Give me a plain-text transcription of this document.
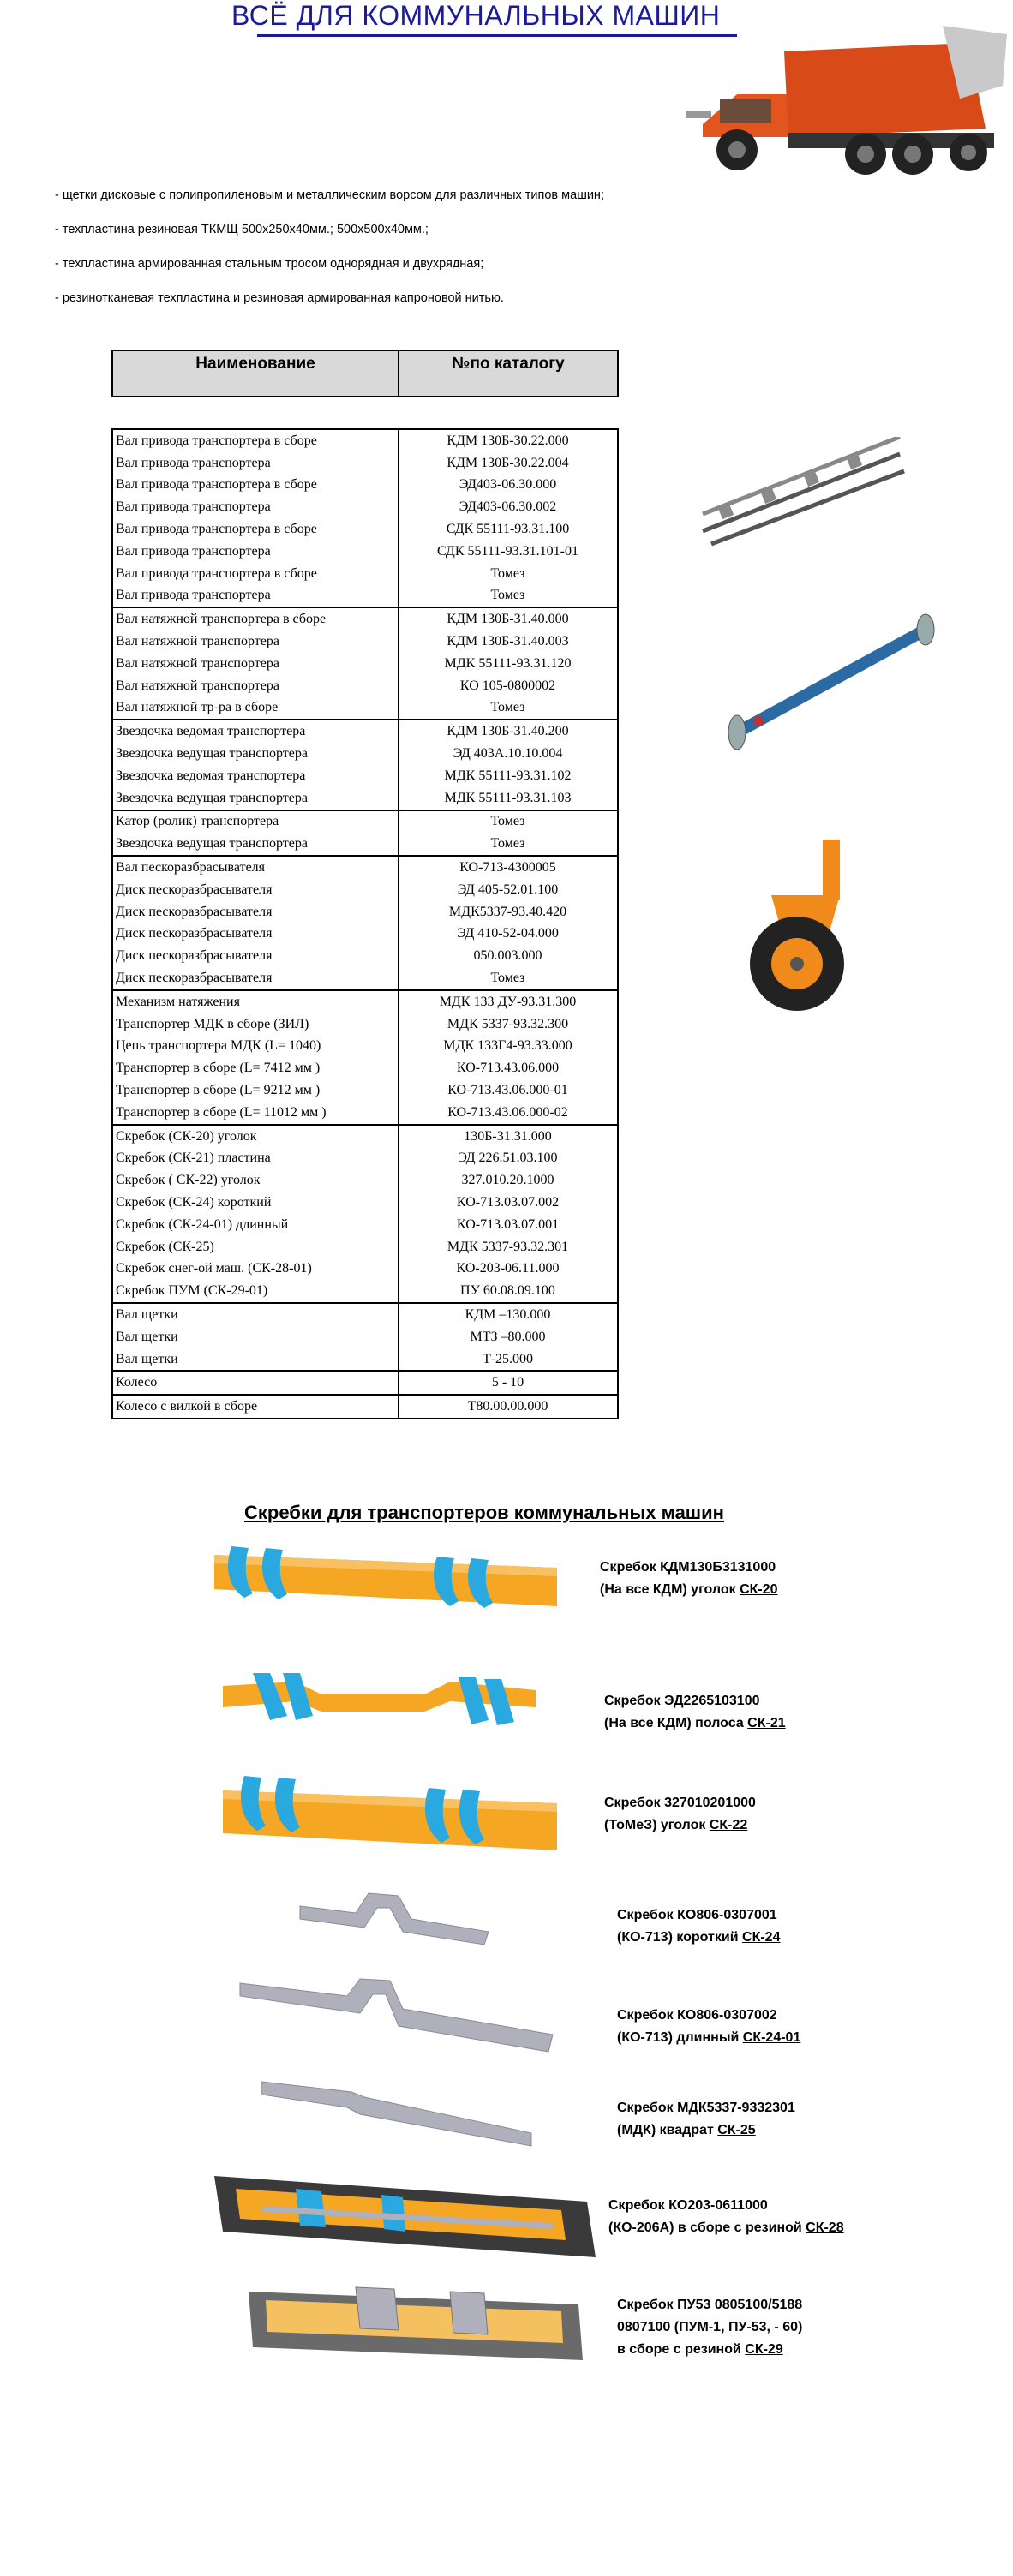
ВСЁ ДЛЯ КОММУНАЛЬНЫХ МАШИН
- щетки дисковые с полипропиленовым и металлическим ворсом для различных типов машин;
- техпластина резиновая ТКМЩ 500х250х40мм.; 500х500х40мм.;
- техпластина армированная стальным тросом однорядная и двухрядная;
- резинотканевая техпластина и резиновая армированная капроновой нитью.
Наименование	№по каталогу
Вал привода транспортера в сборе	КДМ 130Б-30.22.000
Вал привода транспортера	КДМ 130Б-30.22.004
Вал привода транспортера в сборе	ЭД403-06.30.000
Вал привода транспортера	ЭД403-06.30.002
Вал привода транспортера в сборе	СДК 55111-93.31.100
Вал привода транспортера	СДК 55111-93.31.101-01
Вал привода транспортера в сборе	Томез
Вал привода транспортера	Томез
Вал натяжной транспортера в сборе	КДМ 130Б-31.40.000
Вал натяжной транспортера	КДМ 130Б-31.40.003
Вал натяжной транспортера	МДК 55111-93.31.120
Вал натяжной транспортера	КО 105-0800002
Вал натяжной тр-ра в сборе	Томез
Звездочка ведомая транспортера	КДМ 130Б-31.40.200
Звездочка ведущая транспортера	ЭД 403А.10.10.004
Звездочка ведомая транспортера	МДК 55111-93.31.102
Звездочка ведущая транспортера	МДК 55111-93.31.103
Катор (ролик) транспортера	Томез
Звездочка ведущая транспортера	Томез
Вал пескоразбрасывателя	КО-713-4300005
Диск пескоразбрасывателя	ЭД 405-52.01.100
Диск пескоразбрасывателя	МДК5337-93.40.420
Диск пескоразбрасывателя	ЭД 410-52-04.000
Диск пескоразбрасывателя	050.003.000
Диск пескоразбрасывателя	Томез
Механизм натяжения	МДК 133 ДУ-93.31.300
Транспортер МДК в сборе (ЗИЛ)	МДК 5337-93.32.300
Цепь транспортера МДК (L= 1040)	МДК 133Г4-93.33.000
Транспортер в сборе (L= 7412 мм )	КО-713.43.06.000
Транспортер в сборе (L= 9212 мм )	КО-713.43.06.000-01
Транспортер в сборе (L= 11012 мм )	КО-713.43.06.000-02
Скребок (СК-20) уголок	130Б-31.31.000
Скребок (СК-21) пластина	ЭД 226.51.03.100
Скребок ( СК-22) уголок	327.010.20.1000
Скребок (СК-24) короткий	КО-713.03.07.002
Скребок (СК-24-01) длинный	КО-713.03.07.001
Скребок (СК-25)	МДК 5337-93.32.301
Скребок снег-ой маш. (СК-28-01)	КО-203-06.11.000
Скребок ПУМ (СК-29-01)	ПУ 60.08.09.100
Вал щетки	КДМ –130.000
Вал щетки	МТЗ –80.000
Вал щетки	Т-25.000
Колесо	5 - 10
Колесо с вилкой в сборе	Т80.00.00.000
Скребки для транспортеров коммунальных машин
Скребок КДМ130Б3131000
(На все КДМ) уголок СК-20
Скребок ЭД2265103100
(На все КДМ) полоса СК-21
Скребок 327010201000
(ТоМеЗ) уголок СК-22
Скребок КО806-0307001
(КО-713) короткий СК-24
Скребок КО806-0307002
(КО-713) длинный СК-24-01
Скребок МДК5337-9332301
(МДК) квадрат СК-25
Скребок КО203-0611000
(КО-206А) в сборе с резиной СК-28
Скребок ПУ53 0805100/5188
0807100 (ПУМ-1, ПУ-53, - 60)
в сборе с резиной СК-29
